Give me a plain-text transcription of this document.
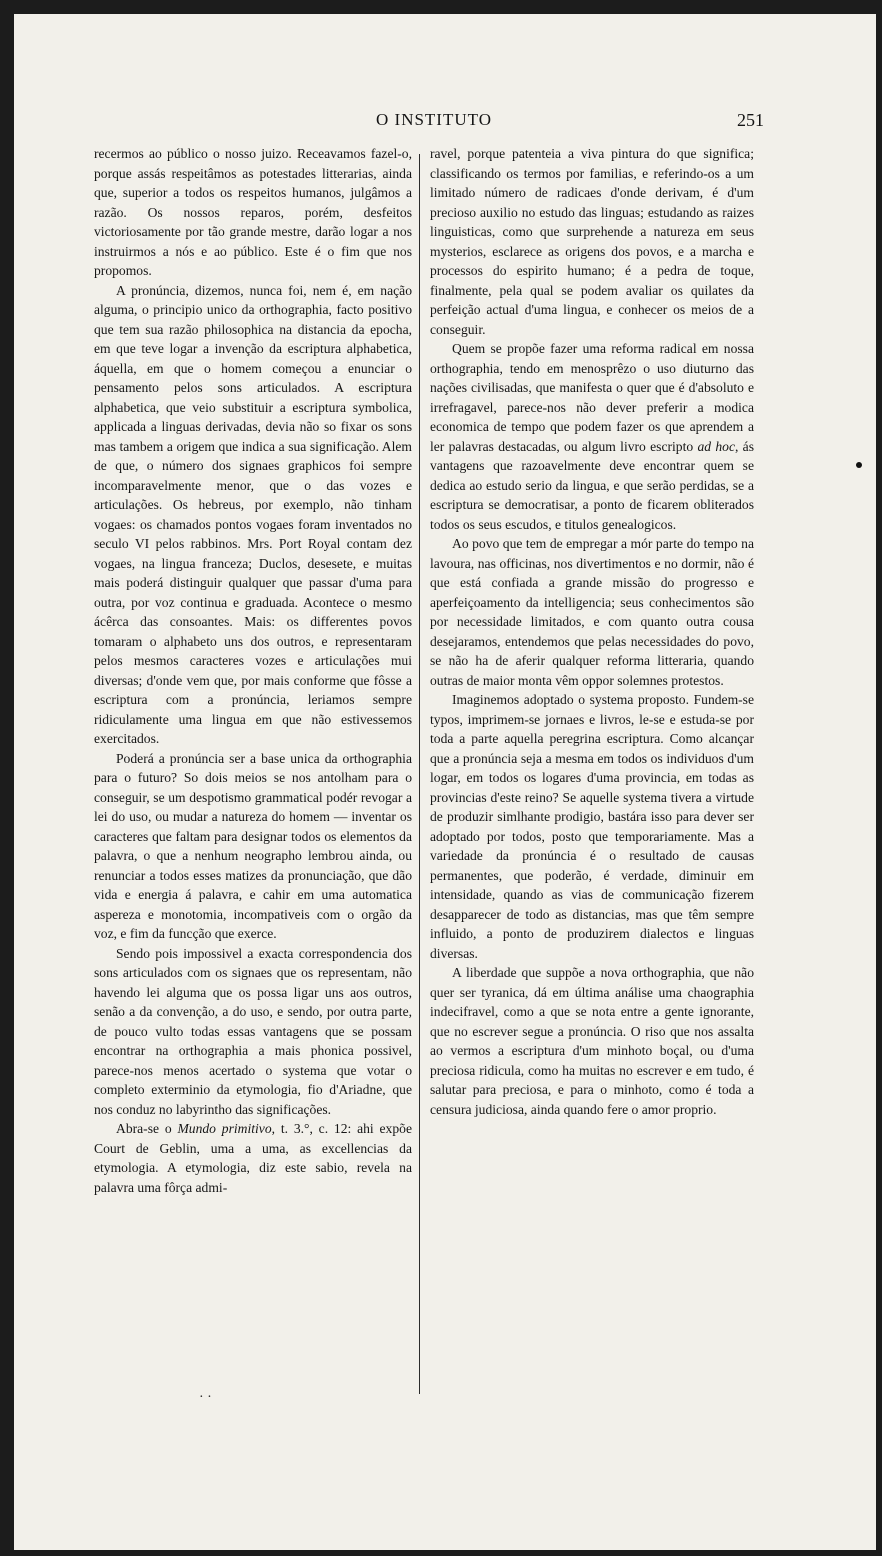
O INSTITUTO	251

recermos ao público o nosso juizo. Receavamos fazel-o, porque assás respeitâmos as potestades litterarias, ainda que, superior a todos os respeitos humanos, julgâmos a razão. Os nossos reparos, porém, desfeitos victoriosamente por tão grande mestre, darão logar a nos instruirmos a nós e ao público. Este é o fim que nos propomos.

A pronúncia, dizemos, nunca foi, nem é, em nação alguma, o principio unico da orthographia, facto positivo que tem sua razão philosophica na distancia da epocha, em que teve logar a invenção da escriptura alphabetica, áquella, em que o homem começou a enunciar o pensamento pelos sons articulados. A escriptura alphabetica, que veio substituir a escriptura symbolica, applicada a linguas derivadas, devia não so fixar os sons mas tambem a origem que indica a sua significação. Alem de que, o número dos signaes graphicos foi sempre incomparavelmente menor, que o das vozes e articulações. Os hebreus, por exemplo, não tinham vogaes: os chamados pontos vogaes foram inventados no seculo VI pelos rabbinos. Mrs. Port Royal contam dez vogaes, na lingua franceza; Duclos, desesete, e muitas mais poderá distinguir qualquer que passar d'uma para outra, por voz continua e graduada. Acontece o mesmo ácêrca das consoantes. Mais: os differentes povos tomaram o alphabeto uns dos outros, e representaram pelos mesmos caracteres vozes e articulações mui diversas; d'onde vem que, por mais conforme que fôsse a escriptura com a pronúncia, leriamos sempre ridiculamente uma lingua em que não estivessemos exercitados.

Poderá a pronúncia ser a base unica da orthographia para o futuro? So dois meios se nos antolham para o conseguir, se um despotismo grammatical podér revogar a lei do uso, ou mudar a natureza do homem — inventar os caracteres que faltam para designar todos os elementos da palavra, o que a nenhum neographo lembrou ainda, ou renunciar a todos esses matizes da pronunciação, que dão vida e energia á palavra, e cahir em uma automatica aspereza e monotomia, incompativeis com o orgão da voz, e fim da funcção que exerce.

Sendo pois impossivel a exacta correspondencia dos sons articulados com os signaes que os representam, não havendo lei alguma que os possa ligar uns aos outros, senão a da convenção, a do uso, e sendo, por outra parte, de pouco vulto todas essas vantagens que se possam encontrar na orthographia a mais phonica possivel, parece-nos menos acertado o systema que votar o completo exterminio da etymologia, fio d'Ariadne, que nos conduz no labyrintho das significações.

Abra-se o Mundo primitivo, t. 3.°, c. 12: ahi expõe Court de Geblin, uma a uma, as excellencias da etymologia. A etymologia, diz este sabio, revela na palavra uma fôrça admi-

ravel, porque patenteia a viva pintura do que significa; classificando os termos por familias, e referindo-os a um limitado número de radicaes d'onde derivam, é d'um precioso auxilio no estudo das linguas; estudando as raizes linguisticas, como que surprehende a natureza em seus mysterios, esclarece as origens dos povos, e a marcha e processos do espirito humano; é a pedra de toque, finalmente, pela qual se podem avaliar os quilates da perfeição actual d'uma lingua, e conhecer os meios de a conseguir.

Quem se propõe fazer uma reforma radical em nossa orthographia, tendo em menosprêzo o uso diuturno das nações civilisadas, que manifesta o quer que é d'absoluto e irrefragavel, parece-nos não dever preferir a modica economica de tempo que podem fazer os que aprendem a ler palavras destacadas, ou algum livro escripto ad hoc, ás vantagens que razoavelmente deve encontrar quem se dedica ao estudo serio da lingua, e que serão perdidas, se a escriptura se democratisar, a ponto de ficarem obliterados todos os seus escudos, e titulos genealogicos.

Ao povo que tem de empregar a mór parte do tempo na lavoura, nas officinas, nos divertimentos e no dormir, não é que está confiada a grande missão do progresso e aperfeiçoamento da intelligencia; seus conhecimentos são por necessidade limitados, e com quanto outra cousa desejaramos, entendemos que pelas necessidades do povo, se não ha de aferir qualquer reforma litteraria, quando outras de maior monta vêm oppor solemnes protestos.

Imaginemos adoptado o systema proposto. Fundem-se typos, imprimem-se jornaes e livros, le-se e estuda-se por toda a parte aquella peregrina escriptura. Como alcançar que a pronúncia seja a mesma em todos os individuos d'um logar, em todos os logares d'uma provincia, em todas as provincias d'este reino? Se aquelle systema tivera a virtude de produzir simlhante prodigio, bastára isso para dever ser adoptado por todos, posto que temporariamente. Mas a variedade da pronúncia é o resultado de causas permanentes, que poderão, é verdade, diminuir em intensidade, quando as vias de communicação fizerem desapparecer de todo as distancias, mas que têm sempre influido, a ponto de produzirem dialectos e linguas diversas.

A liberdade que suppõe a nova orthographia, que não quer ser tyranica, dá em última análise uma chaographia indecifravel, como a que se nota entre a gente ignorante, que no escrever segue a pronúncia. O riso que nos assalta ao vermos a escriptura d'um minhoto boçal, ou d'uma preciosa ridicula, como ha muitas no escrever e em tudo, é salutar para preciosa, e para o minhoto, como é toda a censura judiciosa, ainda quando fere o amor proprio.

· ·
